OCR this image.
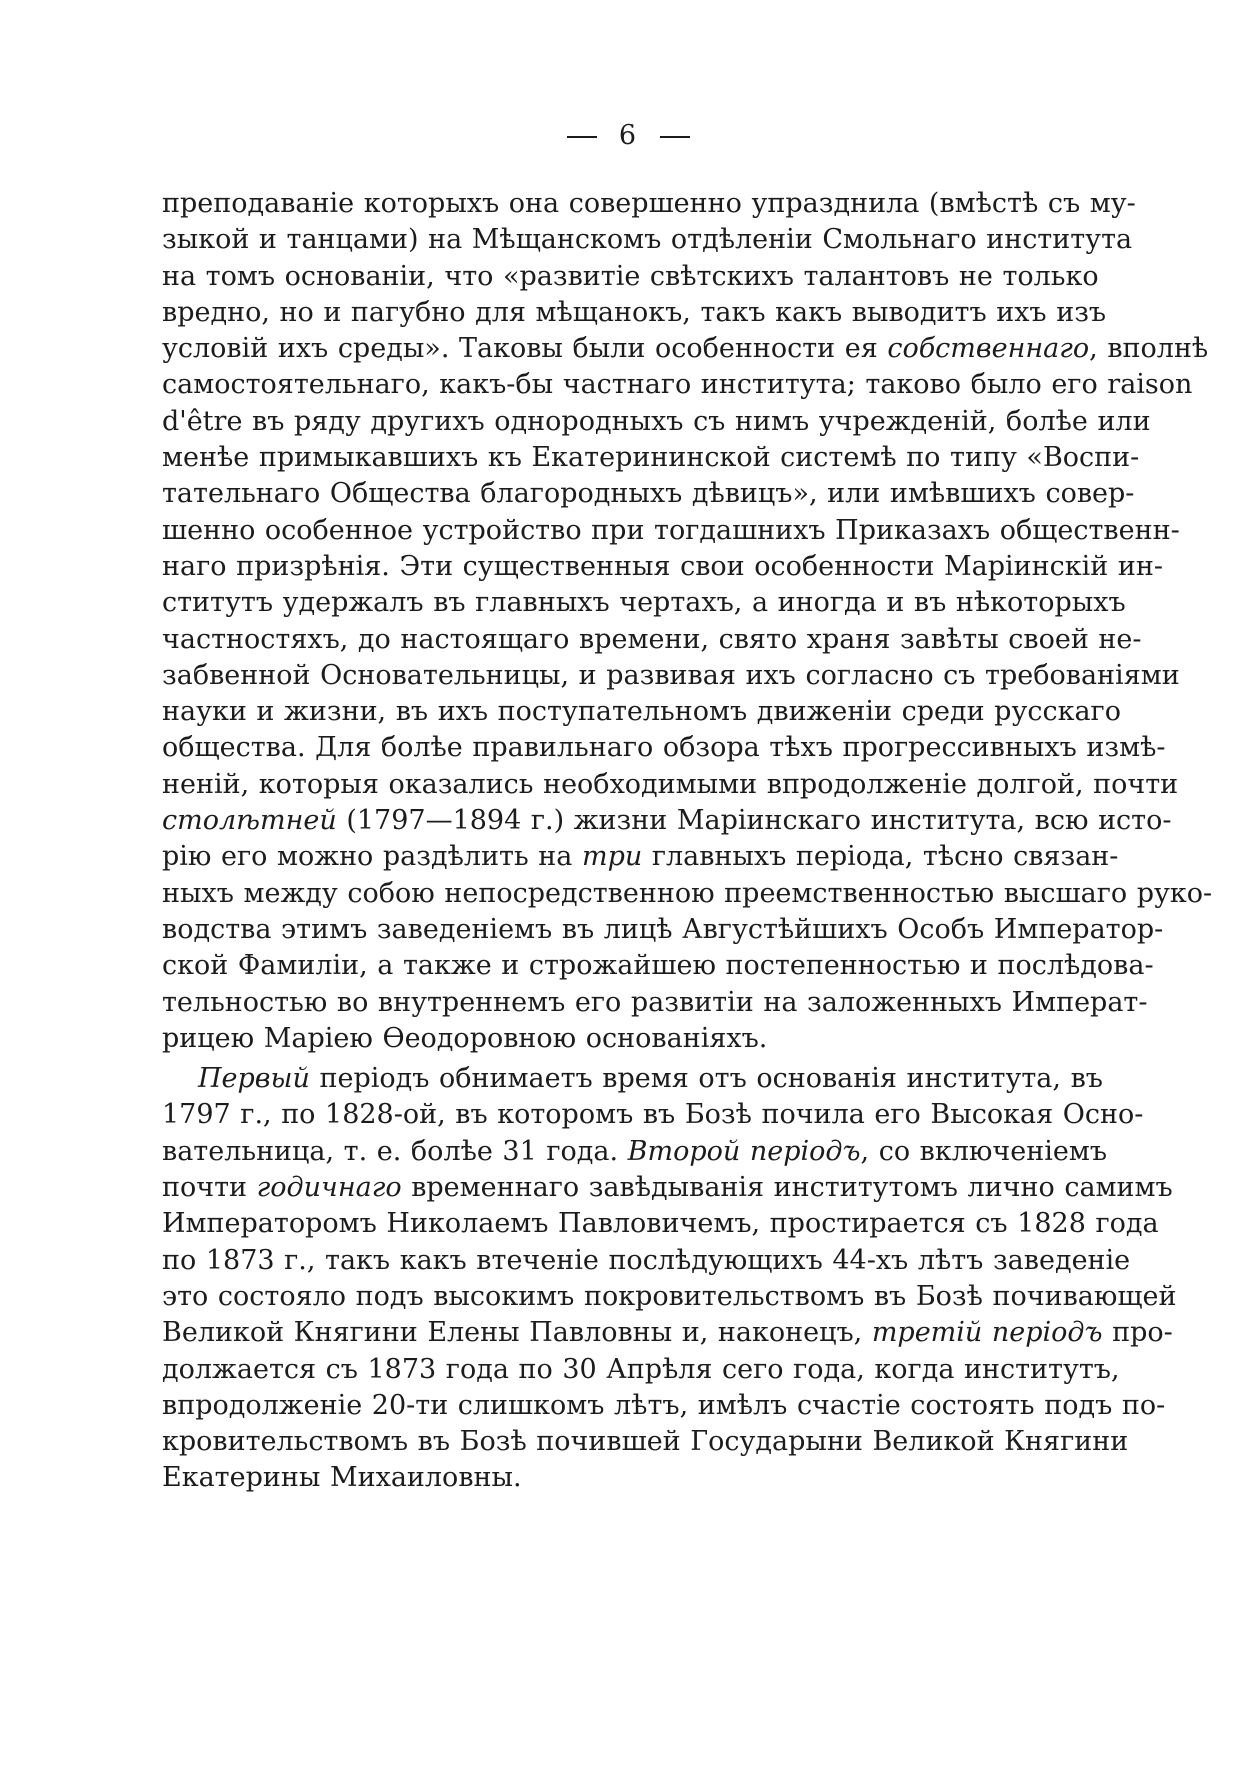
6
преподаваніе которыхъ она совершенно упразднила (вмѣстѣ съ му-
зыкой и танцами) на Мѣщанскомъ отдѣленіи Смольнаго института
на томъ основаніи, что «развитіе свѣтскихъ талантовъ не только
вредно, но и пагубно для мѣщанокъ, такъ какъ выводитъ ихъ изъ
условій ихъ среды». Таковы были особенности ея собственнаго, вполнѣ
самостоятельнаго, какъ-бы частнаго института; таково было его raison
d'être въ ряду другихъ однородныхъ съ нимъ учрежденій, болѣе или
менѣе примыкавшихъ къ Екатерининской системѣ по типу «Воспи-
тательнаго Общества благородныхъ дѣвицъ», или имѣвшихъ совер-
шенно особенное устройство при тогдашнихъ Приказахъ общественн-
наго призрѣнія. Эти существенныя свои особенности Маріинскій ин-
ститутъ удержалъ въ главныхъ чертахъ, а иногда и въ нѣкоторыхъ
частностяхъ, до настоящаго времени, свято храня завѣты своей не-
забвенной Основательницы, и развивая ихъ согласно съ требованіями
науки и жизни, въ ихъ поступательномъ движеніи среди русскаго
общества. Для болѣе правильнаго обзора тѣхъ прогрессивныхъ измѣ-
неній, которыя оказались необходимыми впродолженіе долгой, почти
столѣтней (1797—1894 г.) жизни Маріинскаго института, всю исто-
рію его можно раздѣлить на три главныхъ періода, тѣсно связан-
ныхъ между собою непосредственною преемственностью высшаго руко-
водства этимъ заведеніемъ въ лицѣ Августѣйшихъ Особъ Император-
ской Фамиліи, а также и строжайшею постепенностью и послѣдова-
тельностью во внутреннемъ его развитіи на заложенныхъ Императ-
рицею Маріею Өеодоровною основаніяхъ.
Первый періодъ обнимаетъ время отъ основанія института, въ
1797 г., по 1828-ой, въ которомъ въ Бозѣ почила его Высокая Осно-
вательница, т. е. болѣе 31 года. Второй періодъ, со включеніемъ
почти годичнаго временнаго завѣдыванія институтомъ лично самимъ
Императоромъ Николаемъ Павловичемъ, простирается съ 1828 года
по 1873 г., такъ какъ втеченіе послѣдующихъ 44-хъ лѣтъ заведеніе
это состояло подъ высокимъ покровительствомъ въ Бозѣ почивающей
Великой Княгини Елены Павловны и, наконецъ, третій періодъ про-
должается съ 1873 года по 30 Апрѣля сего года, когда институтъ,
впродолженіе 20-ти слишкомъ лѣтъ, имѣлъ счастіе состоять подъ по-
кровительствомъ въ Бозѣ почившей Государыни Великой Княгини
Екатерины Михаиловны.
